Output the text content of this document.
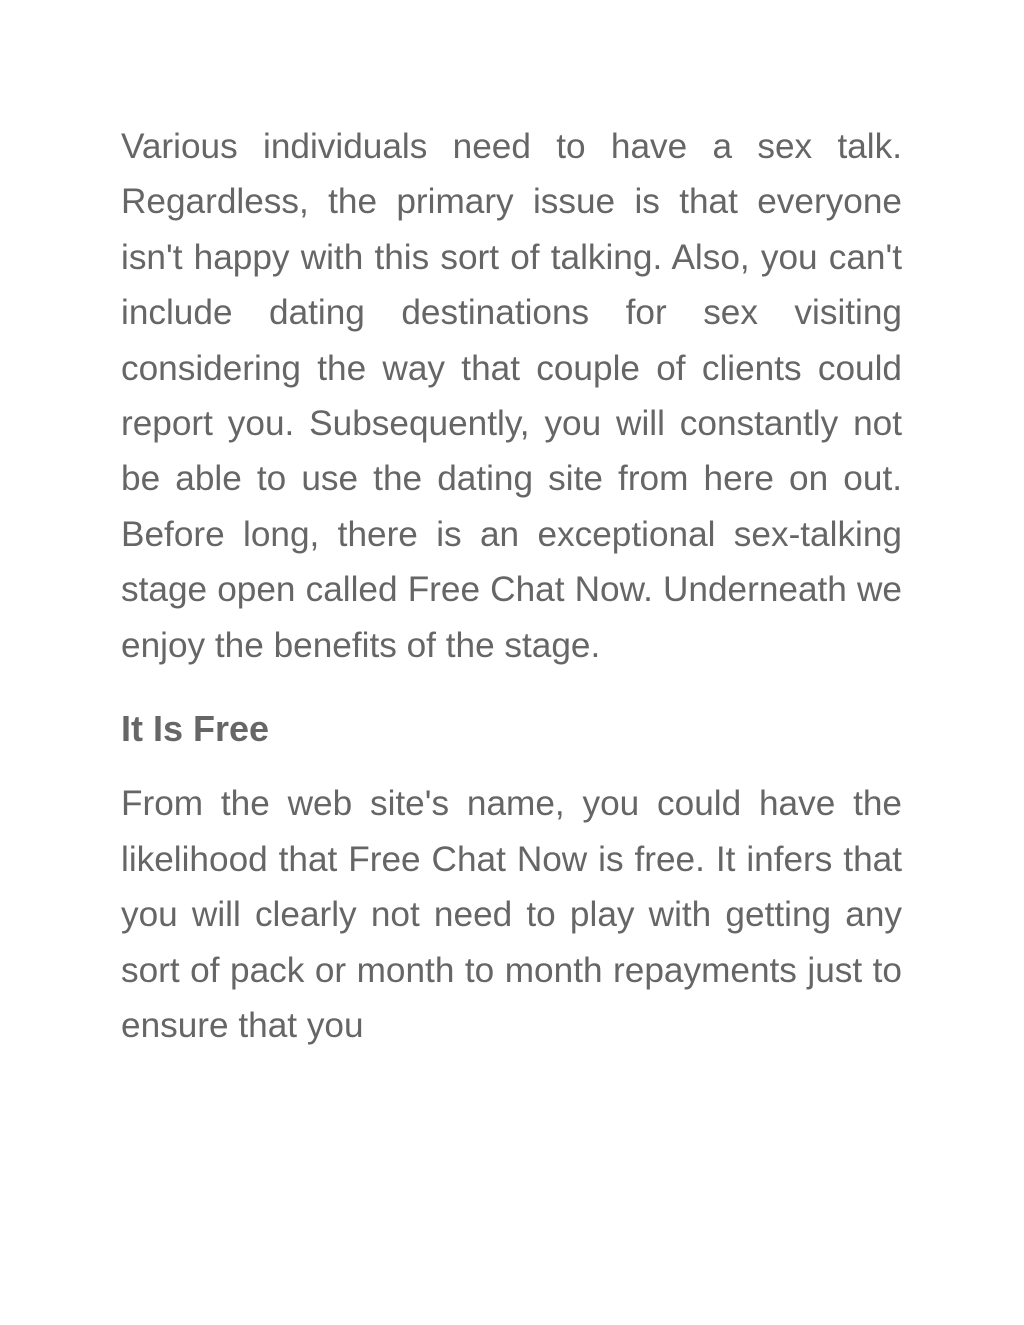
Various individuals need to have a sex talk. Regardless, the primary issue is that everyone isn't happy with this sort of talking. Also, you can't include dating destinations for sex visiting considering the way that couple of clients could report you. Subsequently, you will constantly not be able to use the dating site from here on out. Before long, there is an exceptional sex-talking stage open called Free Chat Now. Underneath we enjoy the benefits of the stage.

It Is Free

From the web site's name, you could have the likelihood that Free Chat Now is free. It infers that you will clearly not need to play with getting any sort of pack or month to month repayments just to ensure that you
